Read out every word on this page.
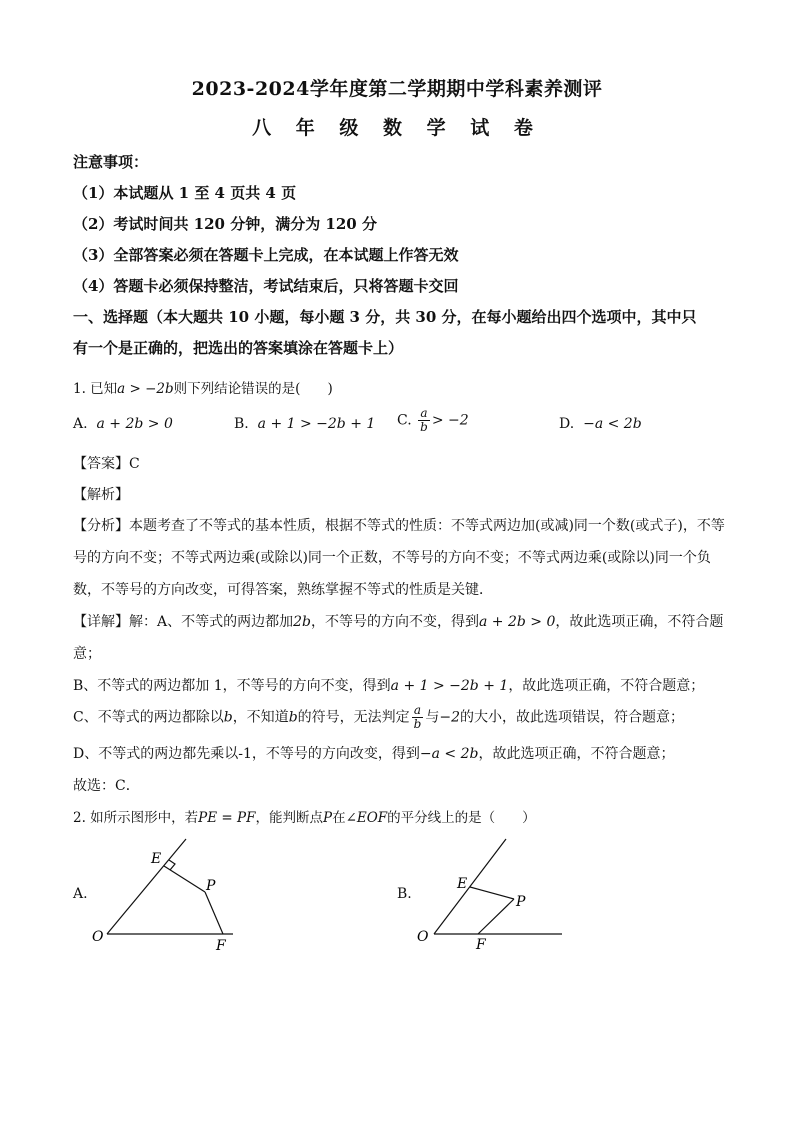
2023-2024学年度第二学期期中学科素养测评
八 年 级 数 学 试 卷
注意事项：
（1）本试题从 1 至 4 页共 4 页
（2）考试时间共 120 分钟，满分为 120 分
（3）全部答案必须在答题卡上完成，在本试题上作答无效
（4）答题卡必须保持整洁，考试结束后，只将答题卡交回
一、选择题（本大题共 10 小题，每小题 3 分，共 30 分，在每小题给出四个选项中，其中只
有一个是正确的，把选出的答案填涂在答题卡上）
1. 已知a > −2b则下列结论错误的是(　　)
A. a + 2b > 0	B. a + 1 > −2b + 1 C. $\frac{a}{b} > -2$	D. −a < 2b
【答案】C
【解析】
【分析】本题考查了不等式的基本性质，根据不等式的性质：不等式两边加(或减)同一个数(或式子)，不等
号的方向不变；不等式两边乘(或除以)同一个正数，不等号的方向不变；不等式两边乘(或除以)同一个负
数，不等号的方向改变，可得答案，熟练掌握不等式的性质是关键．
【详解】解：A、不等式的两边都加2b，不等号的方向不变，得到a + 2b > 0，故此选项正确，不符合题
意；
B、不等式的两边都加 1，不等号的方向不变，得到a + 1 > −2b + 1，故此选项正确，不符合题意；
C、不等式的两边都除以b，不知道b的符号，无法判定 $\frac{a}{b}$ 与−2的大小，故此选项错误，符合题意；
D、不等式的两边都先乘以-1，不等号的方向改变，得到−a < 2b，故此选项正确，不符合题意；
故选：C．
2. 如所示图形中，若PE = PF，能判断点P在∠EOF的平分线上的是（　　）
A.
E
P
O
F
B.
E
P
O	F
